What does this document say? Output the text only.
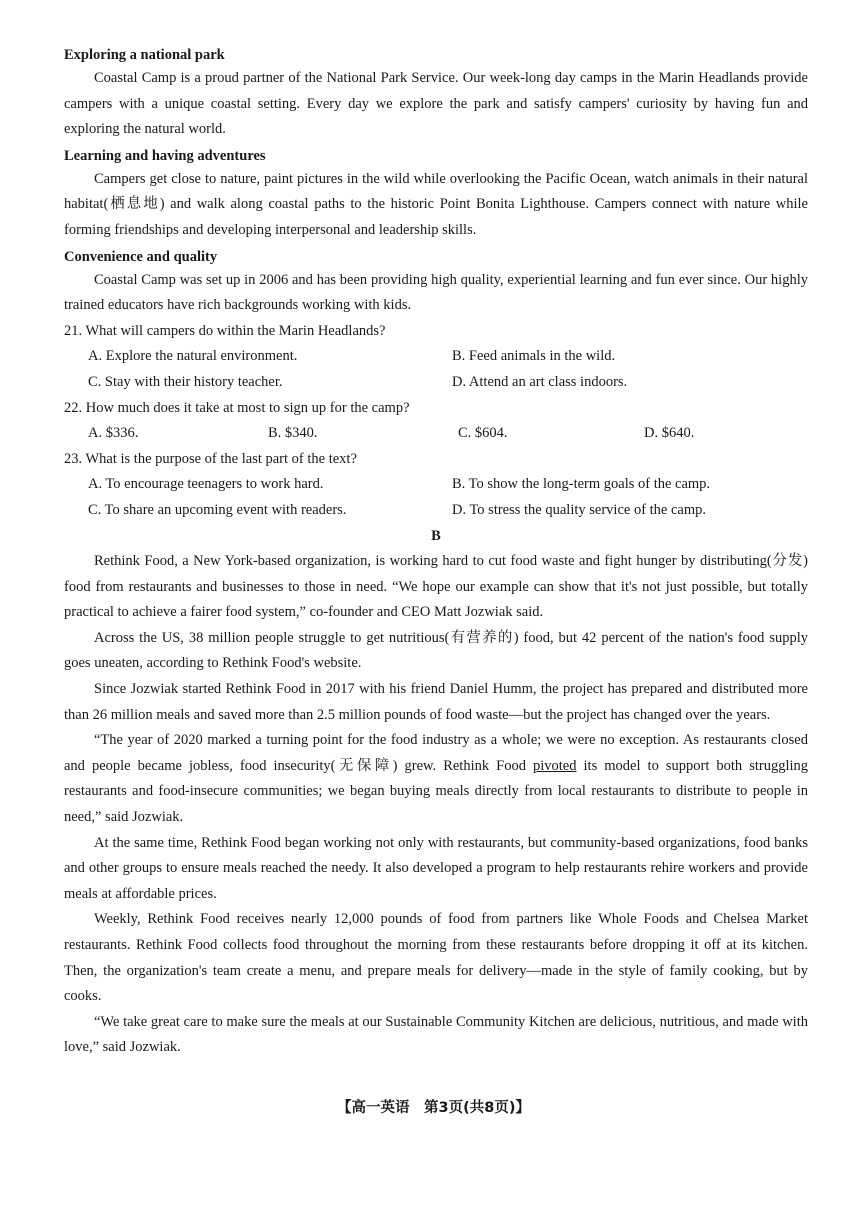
Exploring a national park

Coastal Camp is a proud partner of the National Park Service. Our week-long day camps in the Marin Headlands provide campers with a unique coastal setting. Every day we explore the park and satisfy campers' curiosity by having fun and exploring the natural world.

Learning and having adventures

Campers get close to nature, paint pictures in the wild while overlooking the Pacific Ocean, watch animals in their natural habitat(栖息地) and walk along coastal paths to the historic Point Bonita Lighthouse. Campers connect with nature while forming friendships and developing interpersonal and leadership skills.

Convenience and quality

Coastal Camp was set up in 2006 and has been providing high quality, experiential learning and fun ever since. Our highly trained educators have rich backgrounds working with kids.

21. What will campers do within the Marin Headlands?

A. Explore the natural environment.	B. Feed animals in the wild.
C. Stay with their history teacher.	D. Attend an art class indoors.

22. How much does it take at most to sign up for the camp?

A. $336.	B. $340.	C. $604.	D. $640.

23. What is the purpose of the last part of the text?

A. To encourage teenagers to work hard.	B. To show the long-term goals of the camp.
C. To share an upcoming event with readers.	D. To stress the quality service of the camp.

B

Rethink Food, a New York-based organization, is working hard to cut food waste and fight hunger by distributing(分发) food from restaurants and businesses to those in need. “We hope our example can show that it's not just possible, but totally practical to achieve a fairer food system,” co-founder and CEO Matt Jozwiak said.

Across the US, 38 million people struggle to get nutritious(有营养的) food, but 42 percent of the nation's food supply goes uneaten, according to Rethink Food's website.

Since Jozwiak started Rethink Food in 2017 with his friend Daniel Humm, the project has prepared and distributed more than 26 million meals and saved more than 2.5 million pounds of food waste—but the project has changed over the years.

“The year of 2020 marked a turning point for the food industry as a whole; we were no exception. As restaurants closed and people became jobless, food insecurity(无保障) grew. Rethink Food pivoted its model to support both struggling restaurants and food-insecure communities; we began buying meals directly from local restaurants to distribute to people in need,” said Jozwiak.

At the same time, Rethink Food began working not only with restaurants, but community-based organizations, food banks and other groups to ensure meals reached the needy. It also developed a program to help restaurants rehire workers and provide meals at affordable prices.

Weekly, Rethink Food receives nearly 12,000 pounds of food from partners like Whole Foods and Chelsea Market restaurants. Rethink Food collects food throughout the morning from these restaurants before dropping it off at its kitchen. Then, the organization's team create a menu, and prepare meals for delivery—made in the style of family cooking, but by cooks.

“We take great care to make sure the meals at our Sustainable Community Kitchen are delicious, nutritious, and made with love,” said Jozwiak.

【高一英语　第3页(共8页)】
